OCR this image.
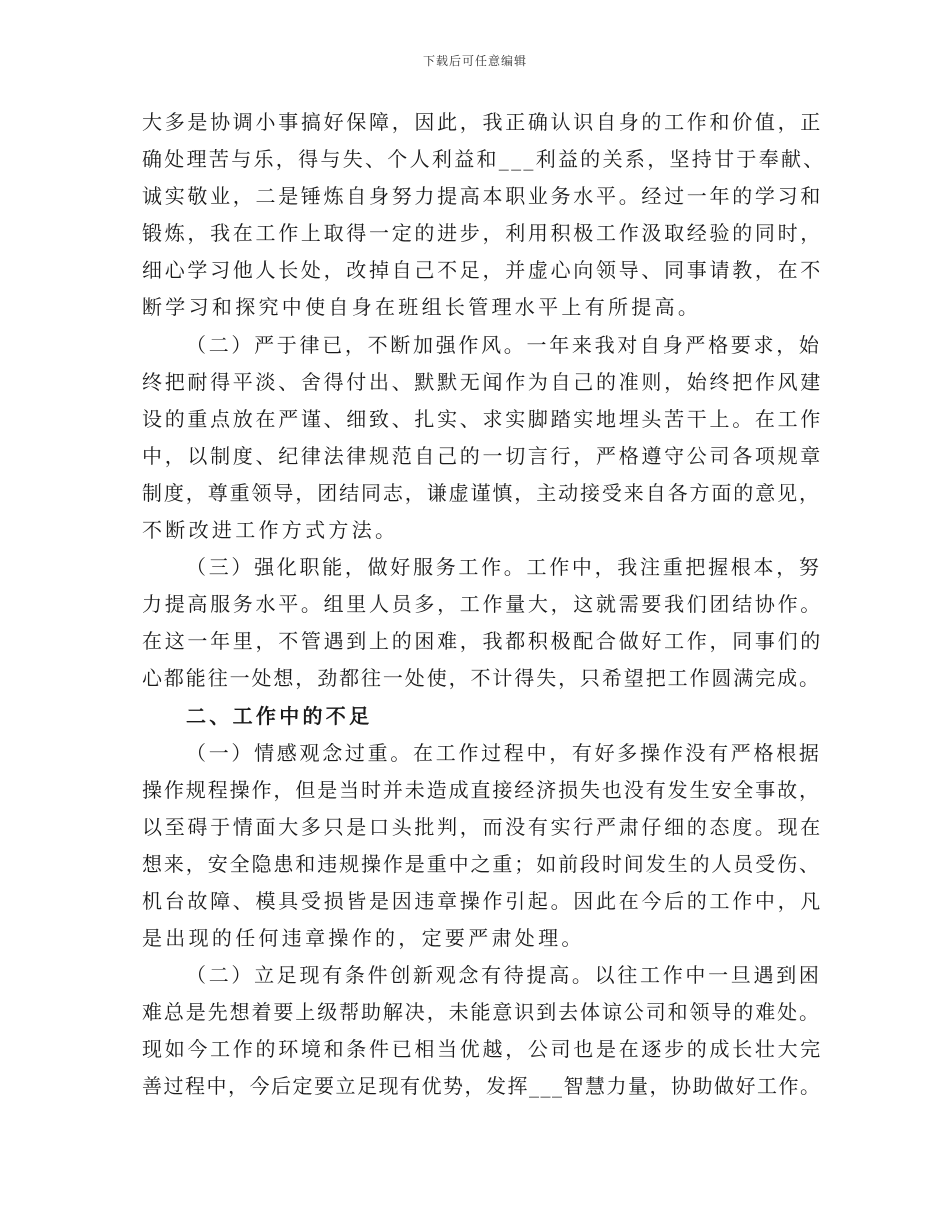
下载后可任意编辑
大多是协调小事搞好保障，因此，我正确认识自身的工作和价值，正
确处理苦与乐，得与失、个人利益和___利益的关系，坚持甘于奉献、
诚实敬业，二是锤炼自身努力提高本职业务水平。经过一年的学习和
锻炼，我在工作上取得一定的进步，利用积极工作汲取经验的同时，
细心学习他人长处，改掉自己不足，并虚心向领导、同事请教，在不
断学习和探究中使自身在班组长管理水平上有所提高。
（二）严于律已，不断加强作风。一年来我对自身严格要求，始
终把耐得平淡、舍得付出、默默无闻作为自己的准则，始终把作风建
设的重点放在严谨、细致、扎实、求实脚踏实地埋头苦干上。在工作
中，以制度、纪律法律规范自己的一切言行，严格遵守公司各项规章
制度，尊重领导，团结同志，谦虚谨慎，主动接受来自各方面的意见，
不断改进工作方式方法。
（三）强化职能，做好服务工作。工作中，我注重把握根本，努
力提高服务水平。组里人员多，工作量大，这就需要我们团结协作。
在这一年里，不管遇到上的困难，我都积极配合做好工作，同事们的
心都能往一处想，劲都往一处使，不计得失，只希望把工作圆满完成。
二、工作中的不足
（一）情感观念过重。在工作过程中，有好多操作没有严格根据
操作规程操作，但是当时并未造成直接经济损失也没有发生安全事故，
以至碍于情面大多只是口头批判，而没有实行严肃仔细的态度。现在
想来，安全隐患和违规操作是重中之重；如前段时间发生的人员受伤、
机台故障、模具受损皆是因违章操作引起。因此在今后的工作中，凡
是出现的任何违章操作的，定要严肃处理。
（二）立足现有条件创新观念有待提高。以往工作中一旦遇到困
难总是先想着要上级帮助解决，未能意识到去体谅公司和领导的难处。
现如今工作的环境和条件已相当优越，公司也是在逐步的成长壮大完
善过程中，今后定要立足现有优势，发挥___智慧力量，协助做好工作。
